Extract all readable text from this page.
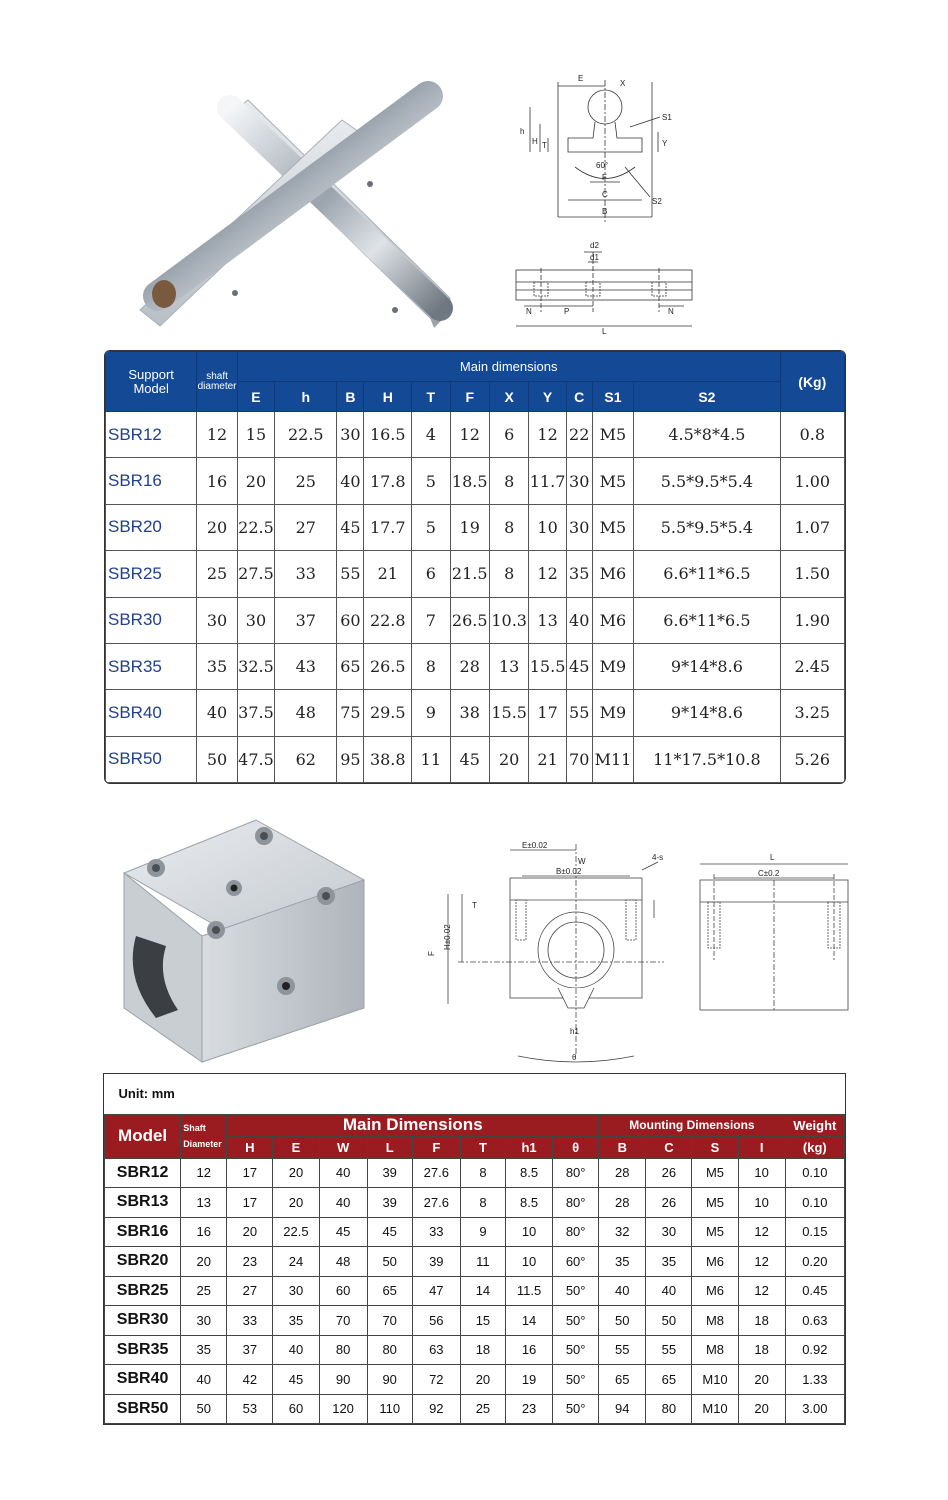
E
X
S1
h
H T	Y
60°
F
C
S2
B
d2
d1
N	P	N
L
Support
Model	shaft
diameter	Main dimensions											(Kg)
		E	h	B	H	T	F	X	Y	C	S1	S2	
SBR12	12	15	22.5	30	16.5	4	12	6	12	22	M5	4.5*8*4.5	0.8
SBR16	16	20	25	40	17.8	5	18.5	8	11.7	30	M5	5.5*9.5*5.4	1.00
SBR20	20	22.5	27	45	17.7	5	19	8	10	30	M5	5.5*9.5*5.4	1.07
SBR25	25	27.5	33	55	21	6	21.5	8	12	35	M6	6.6*11*6.5	1.50
SBR30	30	30	37	60	22.8	7	26.5	10.3	13	40	M6	6.6*11*6.5	1.90
SBR35	35	32.5	43	65	26.5	8	28	13	15.5	45	M9	9*14*8.6	2.45
SBR40	40	37.5	48	75	29.5	9	38	15.5	17	55	M9	9*14*8.6	3.25
SBR50	50	47.5	62	95	38.8	11	45	20	21	70	M11	11*17.5*10.8	5.26
E±0.02
W
B±0.02
4-s
T
H±0.02
F
h1
θ
L
C±0.2
Unit: mm														
Model	Shaft
Diameter	Main Dimensions								Mounting Dimensions				Weight
		H	E	W	L	F	T	h1	θ	B	C	S	I	(kg)
SBR12	12	17	20	40	39	27.6	8	8.5	80°	28	26	M5	10	0.10
SBR13	13	17	20	40	39	27.6	8	8.5	80°	28	26	M5	10	0.10
SBR16	16	20	22.5	45	45	33	9	10	80°	32	30	M5	12	0.15
SBR20	20	23	24	48	50	39	11	10	60°	35	35	M6	12	0.20
SBR25	25	27	30	60	65	47	14	11.5	50°	40	40	M6	12	0.45
SBR30	30	33	35	70	70	56	15	14	50°	50	50	M8	18	0.63
SBR35	35	37	40	80	80	63	18	16	50°	55	55	M8	18	0.92
SBR40	40	42	45	90	90	72	20	19	50°	65	65	M10	20	1.33
SBR50	50	53	60	120	110	92	25	23	50°	94	80	M10	20	3.00
